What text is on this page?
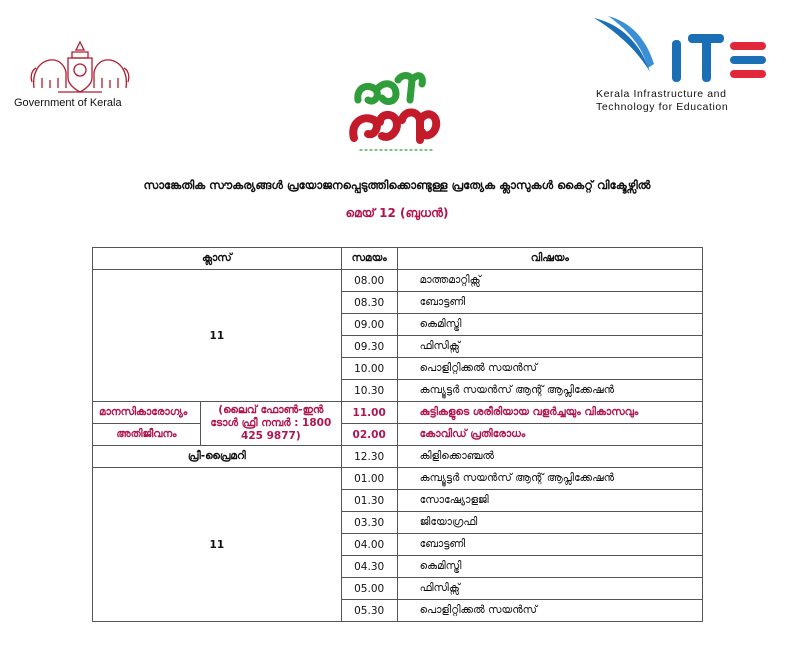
Government of Kerala
Kerala Infrastructure and
Technology for Education
സാങ്കേതിക സൗകര്യങ്ങൾ പ്രയോജനപ്പെടുത്തിക്കൊണ്ടുള്ള പ്രത്യേക ക്ലാസുകൾ കൈറ്റ് വിക്ടേഴ്സിൽ
മെയ് 12 (ബുധൻ)
ക്ലാസ്		സമയം	വിഷയം
11		08.00	മാത്തമാറ്റിക്സ്
		08.30	ബോട്ടണി
		09.00	കെമിസ്ട്രി
		09.30	ഫിസിക്സ്
		10.00	പൊളിറ്റിക്കൽ സയൻസ്
		10.30	കമ്പ്യൂട്ടർ സയൻസ് ആന്റ് ആപ്ലിക്കേഷൻ
മാനസികാരോഗ്യം	(ലൈവ് ഫോൺ-ഇൻ ടോൾ ഫ്രീ നമ്പർ : 1800 425 9877)	11.00	കുട്ടികളുടെ ശരീരിയായ വളർച്ചയും വികാസവും
അതിജീവനം		02.00	കോവിഡ് പ്രതിരോധം
പ്രീ-പ്രൈമറി		12.30	കിളിക്കൊഞ്ചൽ
11		01.00	കമ്പ്യൂട്ടർ സയൻസ് ആന്റ് ആപ്ലിക്കേഷൻ
		01.30	സോഷ്യോളജി
		03.30	ജിയോഗ്രഫി
		04.00	ബോട്ടണി
		04.30	കെമിസ്ട്രി
		05.00	ഫിസിക്സ്
		05.30	പൊളിറ്റിക്കൽ സയൻസ്
